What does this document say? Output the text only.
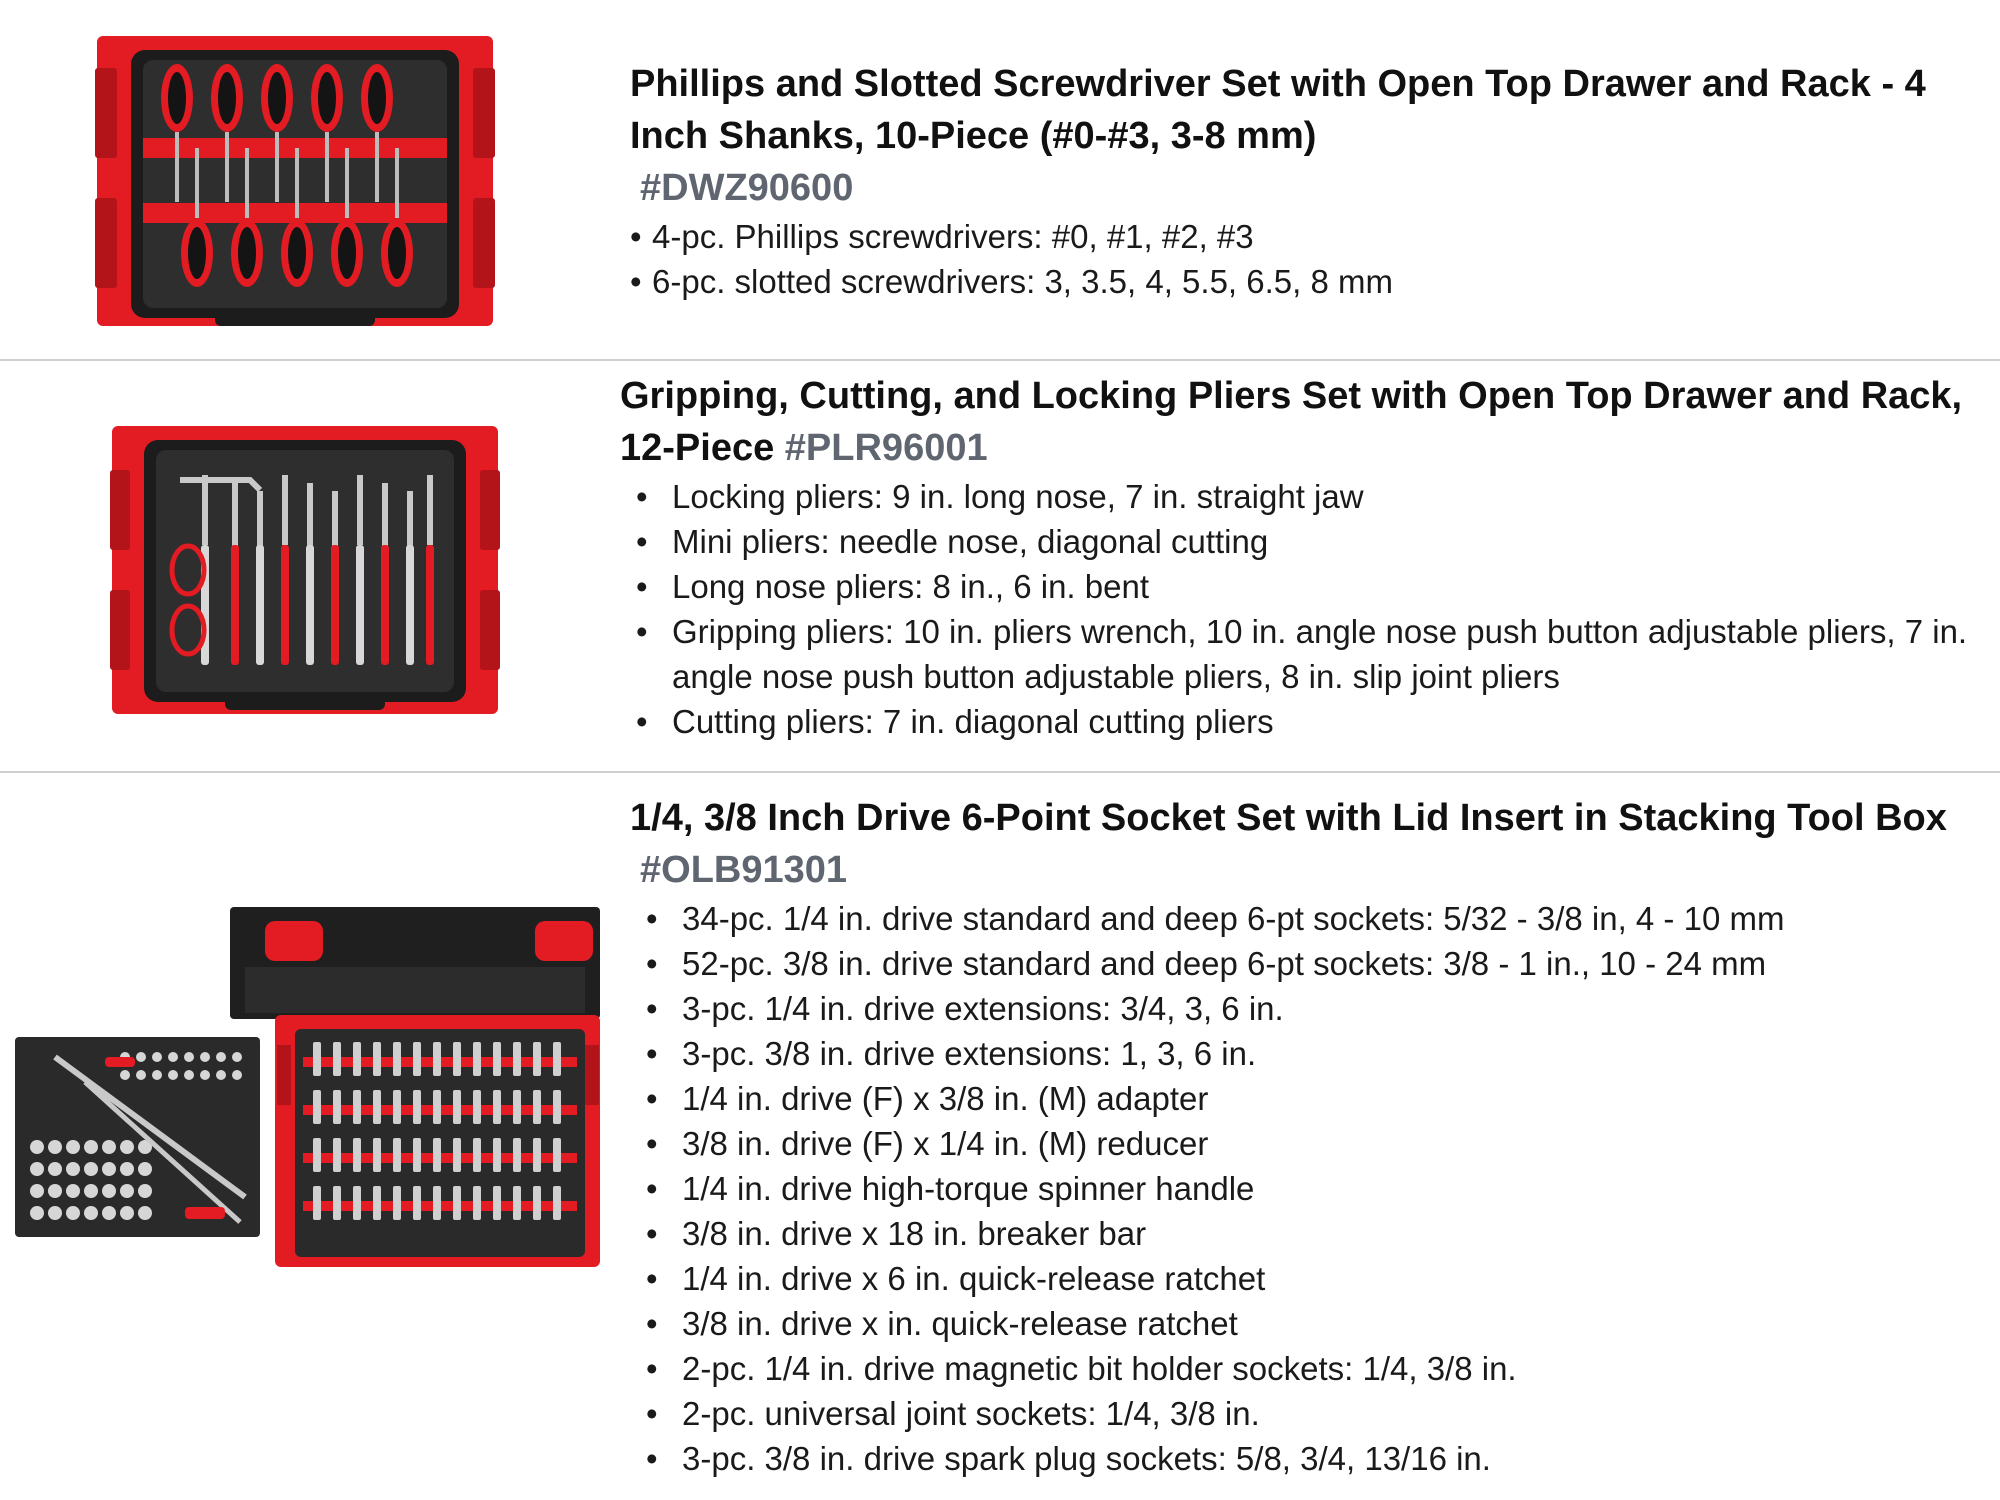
Phillips and Slotted Screwdriver Set with Open Top Drawer and Rack - 4 Inch Shanks, 10-Piece (#0-#3, 3-8 mm)
#DWZ90600
• 4-pc. Phillips screwdrivers: #0, #1, #2, #3
• 6-pc. slotted screwdrivers: 3, 3.5, 4, 5.5, 6.5, 8 mm
Gripping, Cutting, and Locking Pliers Set with Open Top Drawer and Rack, 12-Piece #PLR96001
• Locking pliers: 9 in. long nose, 7 in. straight jaw
• Mini pliers: needle nose, diagonal cutting
• Long nose pliers: 8 in., 6 in. bent
• Gripping pliers: 10 in. pliers wrench, 10 in. angle nose push button adjustable pliers, 7 in. angle nose push button adjustable pliers, 8 in. slip joint pliers
• Cutting pliers: 7 in. diagonal cutting pliers
1/4, 3/8 Inch Drive 6-Point Socket Set with Lid Insert in Stacking Tool Box
#OLB91301
• 34-pc. 1/4 in. drive standard and deep 6-pt sockets: 5/32 - 3/8 in, 4 - 10 mm
• 52-pc. 3/8 in. drive standard and deep 6-pt sockets: 3/8 - 1 in., 10 - 24 mm
• 3-pc. 1/4 in. drive extensions: 3/4, 3, 6 in.
• 3-pc. 3/8 in. drive extensions: 1, 3, 6 in.
• 1/4 in. drive (F) x 3/8 in. (M) adapter
• 3/8 in. drive (F) x 1/4 in. (M) reducer
• 1/4 in. drive high-torque spinner handle
• 3/8 in. drive x 18 in. breaker bar
• 1/4 in. drive x 6 in. quick-release ratchet
• 3/8 in. drive x in. quick-release ratchet
• 2-pc. 1/4 in. drive magnetic bit holder sockets: 1/4, 3/8 in.
• 2-pc. universal joint sockets: 1/4, 3/8 in.
• 3-pc. 3/8 in. drive spark plug sockets: 5/8, 3/4, 13/16 in.
